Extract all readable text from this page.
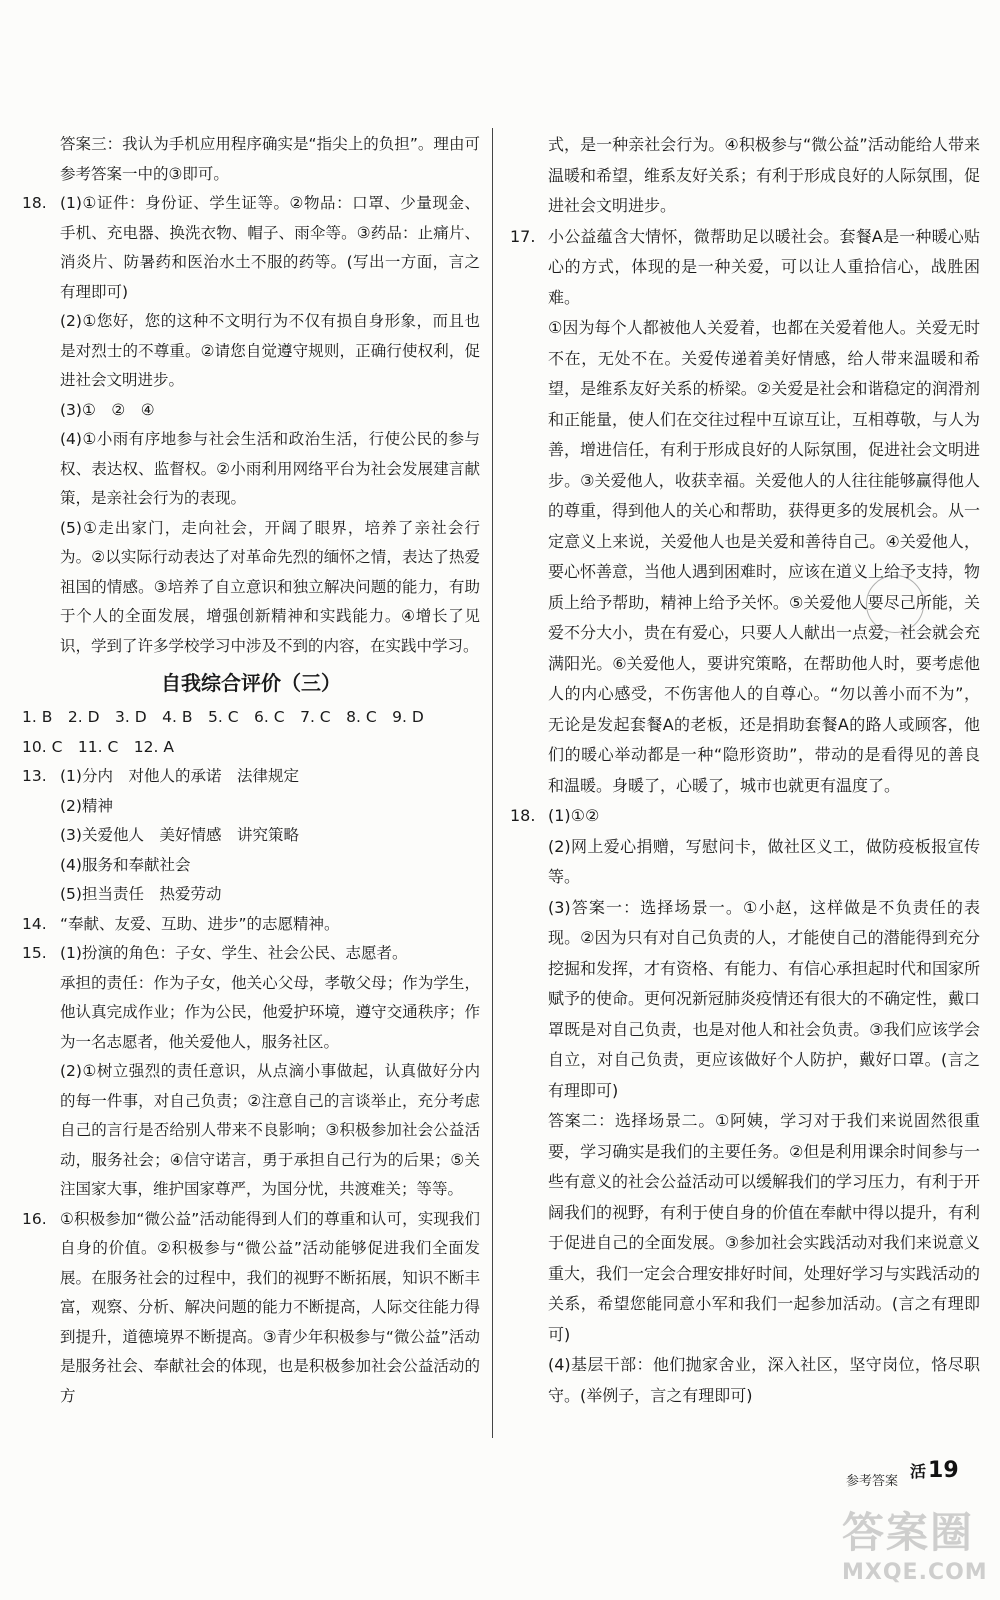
答案三：我认为手机应用程序确实是“指尖上的负担”。理由可参考答案一中的③即可。
18. (1)①证件：身份证、学生证等。②物品：口罩、少量现金、手机、充电器、换洗衣物、帽子、雨伞等。③药品：止痛片、消炎片、防暑药和医治水土不服的药等。(写出一方面，言之有理即可)
(2)①您好，您的这种不文明行为不仅有损自身形象，而且也是对烈士的不尊重。②请您自觉遵守规则，正确行使权利，促进社会文明进步。
(3)①　②　④
(4)①小雨有序地参与社会生活和政治生活，行使公民的参与权、表达权、监督权。②小雨利用网络平台为社会发展建言献策，是亲社会行为的表现。
(5)①走出家门，走向社会，开阔了眼界，培养了亲社会行为。②以实际行动表达了对革命先烈的缅怀之情，表达了热爱祖国的情感。③培养了自立意识和独立解决问题的能力，有助于个人的全面发展，增强创新精神和实践能力。④增长了见识，学到了许多学校学习中涉及不到的内容，在实践中学习。
自我综合评价（三）
1. B　2. D　3. D　4. B　5. C　6. C　7. C　8. C　9. D
10. C　11. C　12. A
13. (1)分内　对他人的承诺　法律规定
(2)精神
(3)关爱他人　美好情感　讲究策略
(4)服务和奉献社会
(5)担当责任　热爱劳动
14. “奉献、友爱、互助、进步”的志愿精神。
15. (1)扮演的角色：子女、学生、社会公民、志愿者。
承担的责任：作为子女，他关心父母，孝敬父母；作为学生，他认真完成作业；作为公民，他爱护环境，遵守交通秩序；作为一名志愿者，他关爱他人，服务社区。
(2)①树立强烈的责任意识，从点滴小事做起，认真做好分内的每一件事，对自己负责；②注意自己的言谈举止，充分考虑自己的言行是否给别人带来不良影响；③积极参加社会公益活动，服务社会；④信守诺言，勇于承担自己行为的后果；⑤关注国家大事，维护国家尊严，为国分忧，共渡难关；等等。
16. ①积极参加“微公益”活动能得到人们的尊重和认可，实现我们自身的价值。②积极参与“微公益”活动能够促进我们全面发展。在服务社会的过程中，我们的视野不断拓展，知识不断丰富，观察、分析、解决问题的能力不断提高，人际交往能力得到提升，道德境界不断提高。③青少年积极参与“微公益”活动是服务社会、奉献社会的体现，也是积极参加社会公益活动的方
式，是一种亲社会行为。④积极参与“微公益”活动能给人带来温暖和希望，维系友好关系；有利于形成良好的人际氛围，促进社会文明进步。
17. 小公益蕴含大情怀，微帮助足以暖社会。套餐A是一种暖心贴心的方式，体现的是一种关爱，可以让人重拾信心，战胜困难。
①因为每个人都被他人关爱着，也都在关爱着他人。关爱无时不在，无处不在。关爱传递着美好情感，给人带来温暖和希望，是维系友好关系的桥梁。②关爱是社会和谐稳定的润滑剂和正能量，使人们在交往过程中互谅互让，互相尊敬，与人为善，增进信任，有利于形成良好的人际氛围，促进社会文明进步。③关爱他人，收获幸福。关爱他人的人往往能够赢得他人的尊重，得到他人的关心和帮助，获得更多的发展机会。从一定意义上来说，关爱他人也是关爱和善待自己。④关爱他人，要心怀善意，当他人遇到困难时，应该在道义上给予支持，物质上给予帮助，精神上给予关怀。⑤关爱他人要尽己所能，关爱不分大小，贵在有爱心，只要人人献出一点爱，社会就会充满阳光。⑥关爱他人，要讲究策略，在帮助他人时，要考虑他人的内心感受，不伤害他人的自尊心。“勿以善小而不为”，无论是发起套餐A的老板，还是捐助套餐A的路人或顾客，他们的暖心举动都是一种“隐形资助”，带动的是看得见的善良和温暖。身暖了，心暖了，城市也就更有温度了。
18. (1)①②
(2)网上爱心捐赠，写慰问卡，做社区义工，做防疫板报宣传等。
(3)答案一：选择场景一。①小赵，这样做是不负责任的表现。②因为只有对自己负责的人，才能使自己的潜能得到充分挖掘和发挥，才有资格、有能力、有信心承担起时代和国家所赋予的使命。更何况新冠肺炎疫情还有很大的不确定性，戴口罩既是对自己负责，也是对他人和社会负责。③我们应该学会自立，对自己负责，更应该做好个人防护，戴好口罩。(言之有理即可)
答案二：选择场景二。①阿姨，学习对于我们来说固然很重要，学习确实是我们的主要任务。②但是利用课余时间参与一些有意义的社会公益活动可以缓解我们的学习压力，有利于开阔我们的视野，有利于使自身的价值在奉献中得以提升，有利于促进自己的全面发展。③参加社会实践活动对我们来说意义重大，我们一定会合理安排好时间，处理好学习与实践活动的关系，希望您能同意小军和我们一起参加活动。(言之有理即可)
(4)基层干部：他们抛家舍业，深入社区，坚守岗位，恪尽职守。(举例子，言之有理即可)
参考答案
活19
答案圈
MXQE.COM
